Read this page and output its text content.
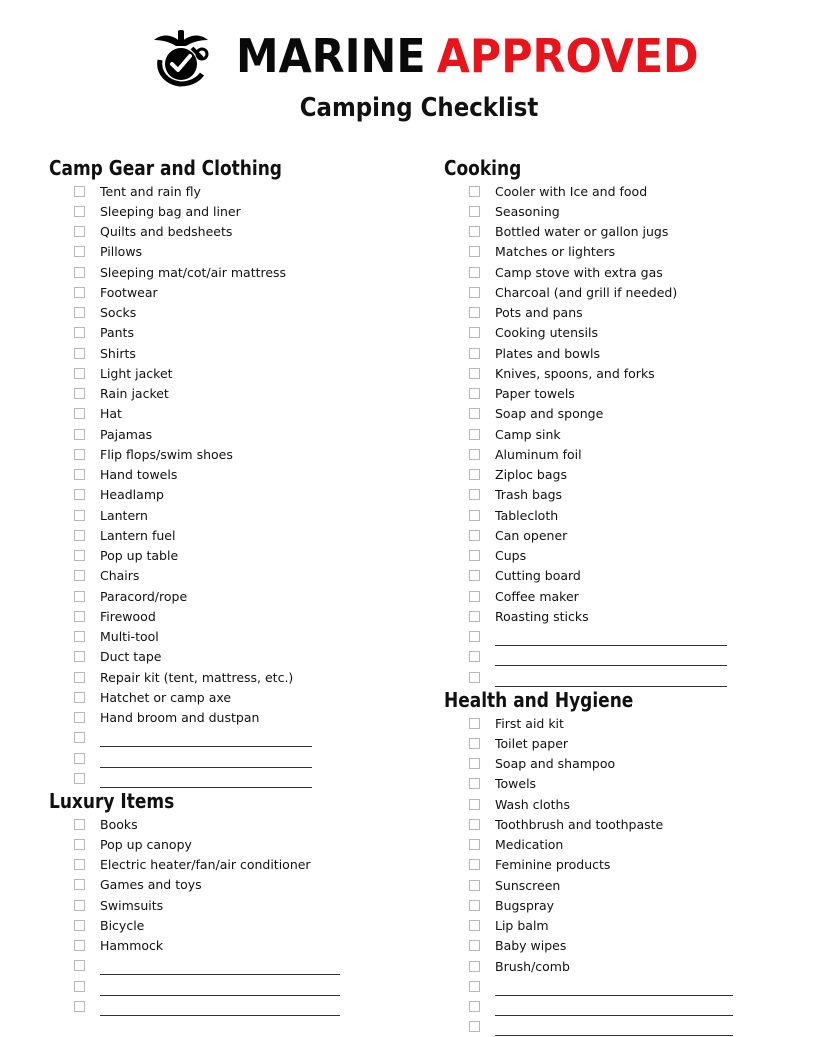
MARINE APPROVED
Camping Checklist
Camp Gear and Clothing
Tent and rain fly
Sleeping bag and liner
Quilts and bedsheets
Pillows
Sleeping mat/cot/air mattress
Footwear
Socks
Pants
Shirts
Light jacket
Rain jacket
Hat
Pajamas
Flip flops/swim shoes
Hand towels
Headlamp
Lantern
Lantern fuel
Pop up table
Chairs
Paracord/rope
Firewood
Multi-tool
Duct tape
Repair kit (tent, mattress, etc.)
Hatchet or camp axe
Hand broom and dustpan
Luxury Items
Books
Pop up canopy
Electric heater/fan/air conditioner
Games and toys
Swimsuits
Bicycle
Hammock
Cooking
Cooler with Ice and food
Seasoning
Bottled water or gallon jugs
Matches or lighters
Camp stove with extra gas
Charcoal (and grill if needed)
Pots and pans
Cooking utensils
Plates and bowls
Knives, spoons, and forks
Paper towels
Soap and sponge
Camp sink
Aluminum foil
Ziploc bags
Trash bags
Tablecloth
Can opener
Cups
Cutting board
Coffee maker
Roasting sticks
Health and Hygiene
First aid kit
Toilet paper
Soap and shampoo
Towels
Wash cloths
Toothbrush and toothpaste
Medication
Feminine products
Sunscreen
Bugspray
Lip balm
Baby wipes
Brush/comb
